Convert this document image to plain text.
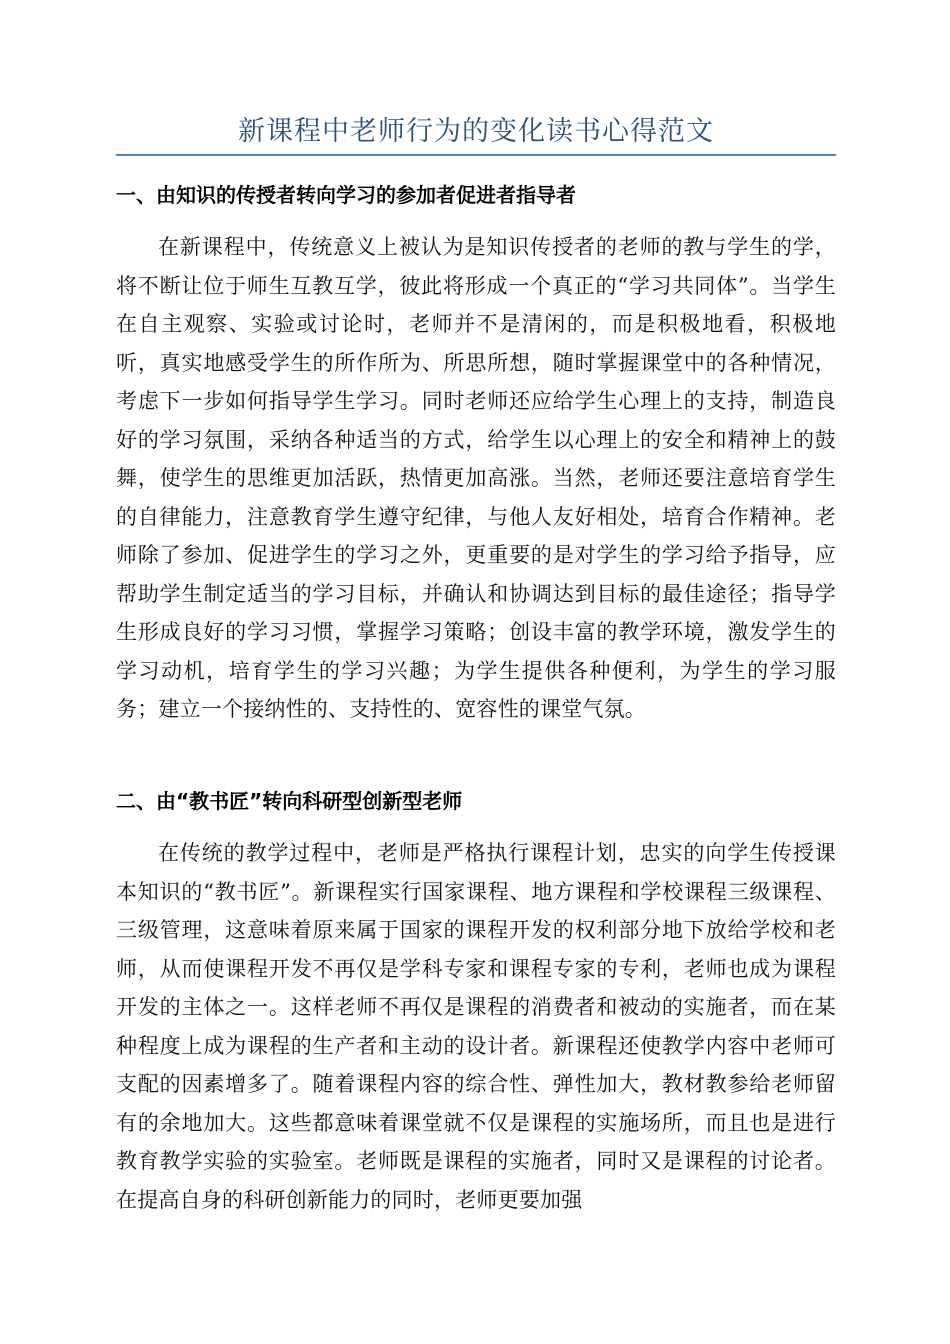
新课程中老师行为的变化读书心得范文
一、由知识的传授者转向学习的参加者促进者指导者

在新课程中，传统意义上被认为是知识传授者的老师的教与学生的学，将不断让位于师生互教互学，彼此将形成一个真正的“学习共同体”。当学生在自主观察、实验或讨论时，老师并不是清闲的，而是积极地看，积极地听，真实地感受学生的所作所为、所思所想，随时掌握课堂中的各种情况，考虑下一步如何指导学生学习。同时老师还应给学生心理上的支持，制造良好的学习氛围，采纳各种适当的方式，给学生以心理上的安全和精神上的鼓舞，使学生的思维更加活跃，热情更加高涨。当然，老师还要注意培育学生的自律能力，注意教育学生遵守纪律，与他人友好相处，培育合作精神。老师除了参加、促进学生的学习之外，更重要的是对学生的学习给予指导，应帮助学生制定适当的学习目标，并确认和协调达到目标的最佳途径；指导学生形成良好的学习习惯，掌握学习策略；创设丰富的教学环境，激发学生的学习动机，培育学生的学习兴趣；为学生提供各种便利，为学生的学习服务；建立一个接纳性的、支持性的、宽容性的课堂气氛。

二、由“教书匠”转向科研型创新型老师

在传统的教学过程中，老师是严格执行课程计划，忠实的向学生传授课本知识的“教书匠”。新课程实行国家课程、地方课程和学校课程三级课程、三级管理，这意味着原来属于国家的课程开发的权利部分地下放给学校和老师，从而使课程开发不再仅是学科专家和课程专家的专利，老师也成为课程开发的主体之一。这样老师不再仅是课程的消费者和被动的实施者，而在某种程度上成为课程的生产者和主动的设计者。新课程还使教学内容中老师可支配的因素增多了。随着课程内容的综合性、弹性加大，教材教参给老师留有的余地加大。这些都意味着课堂就不仅是课程的实施场所，而且也是进行教育教学实验的实验室。老师既是课程的实施者，同时又是课程的讨论者。在提高自身的科研创新能力的同时，老师更要加强
